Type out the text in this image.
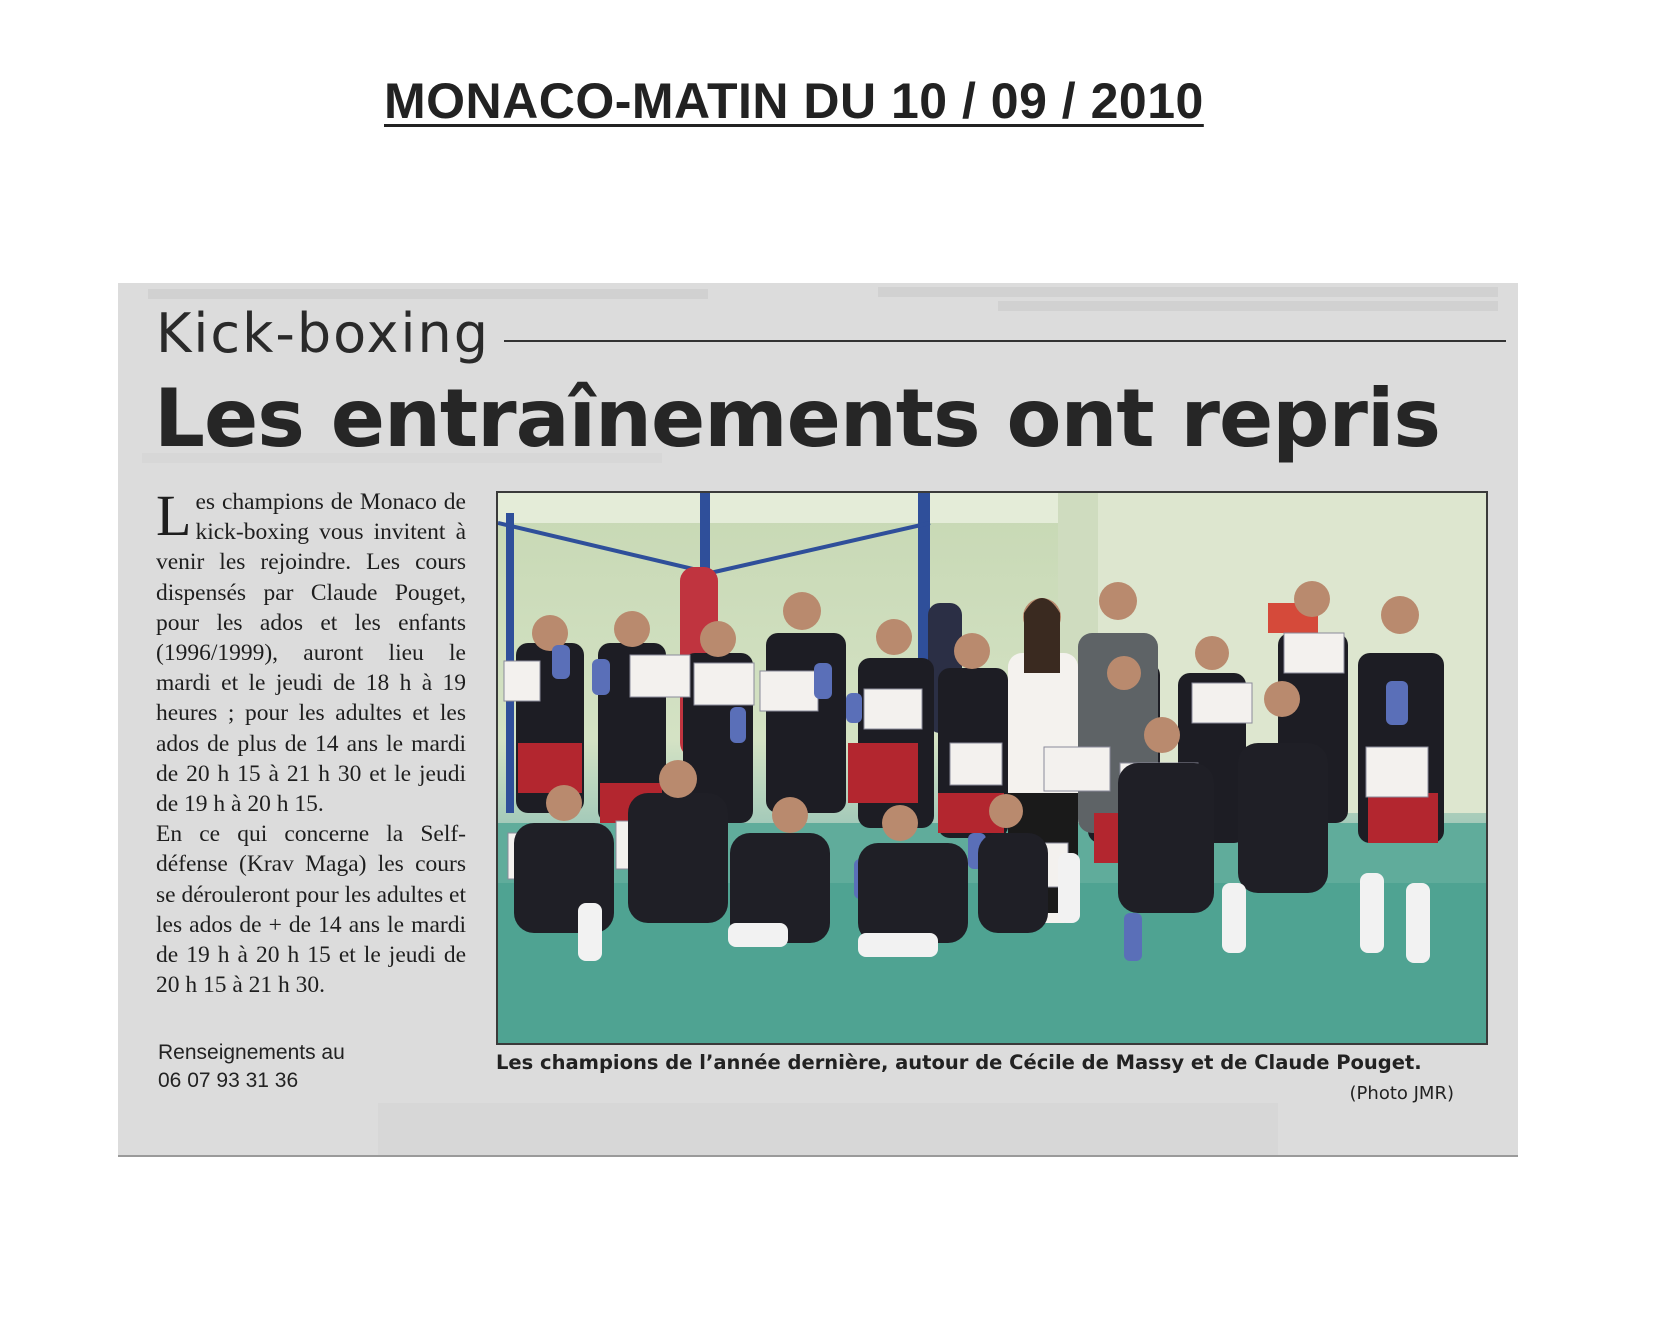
MONACO-MATIN DU 10 / 09 / 2010
Kick-boxing
Les entraînements ont repris

Les champions de Monaco de kick-boxing vous invitent à venir les rejoindre. Les cours dispensés par Claude Pouget, pour les ados et les enfants (1996/1999), auront lieu le mardi et le jeudi de 18 h à 19 heures ; pour les adultes et les ados de plus de 14 ans le mardi de 20 h 15 à 21 h 30 et le jeudi de 19 h à 20 h 15.

En ce qui concerne la Self-défense (Krav Maga) les cours se dérouleront pour les adultes et les ados de + de 14 ans le mardi de 19 h à 20 h 15 et le jeudi de 20 h 15 à 21 h 30.

Renseignements au
06 07 93 31 36
Les champions de l’année dernière, autour de Cécile de Massy et de Claude Pouget.
(Photo JMR)
